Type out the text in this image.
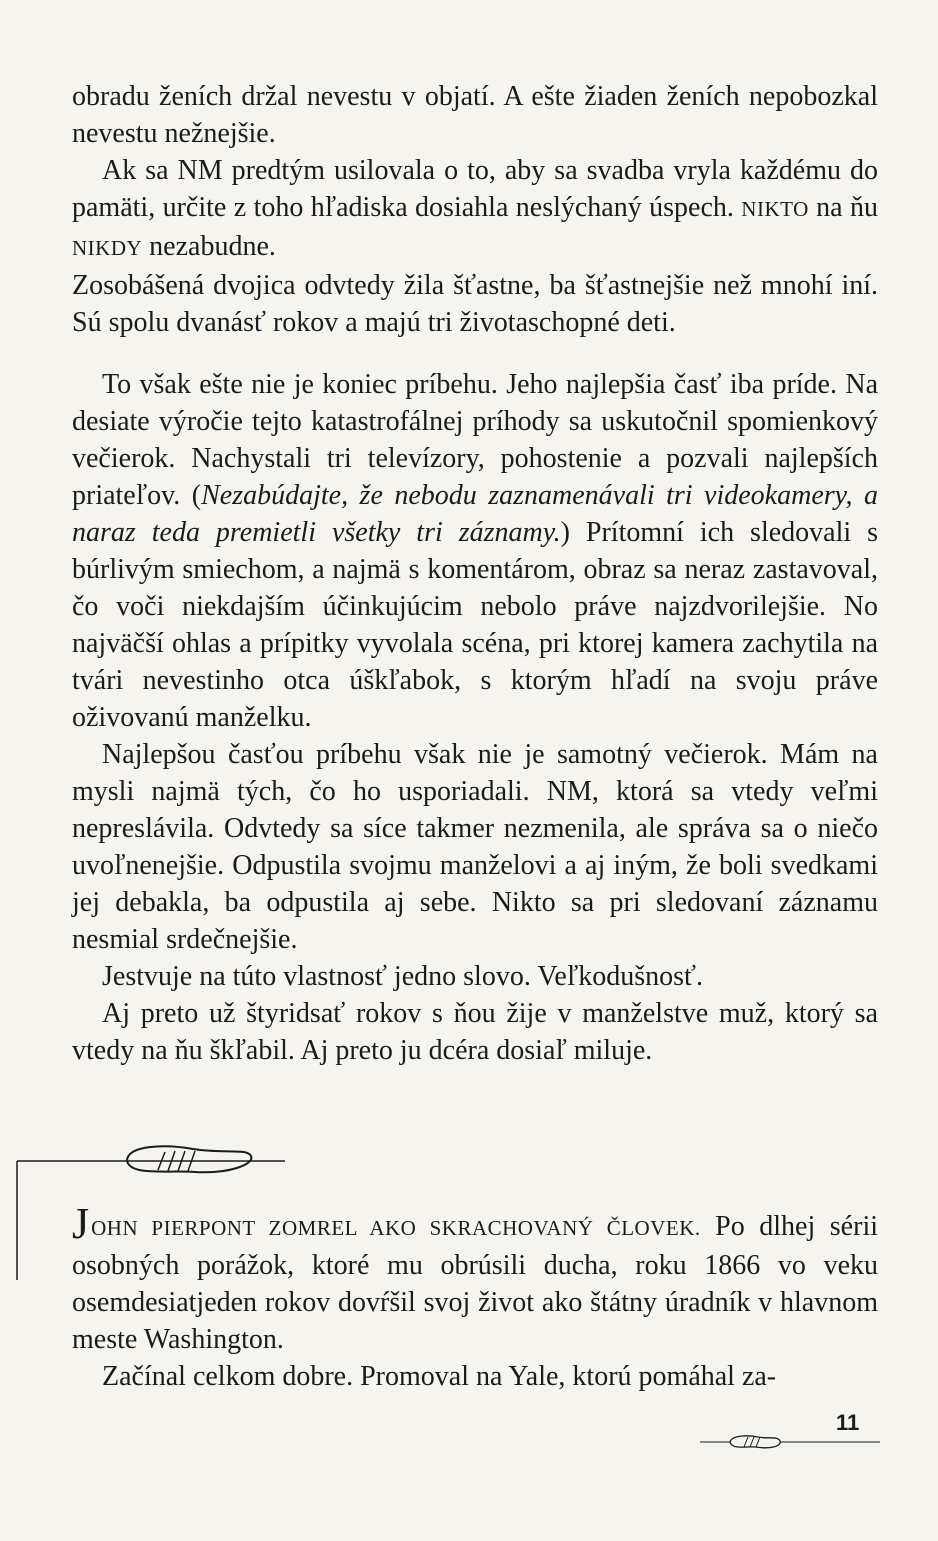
obradu ženích držal nevestu v objatí. A ešte žiaden ženích nepobozkal nevestu nežnejšie.

Ak sa NM predtým usilovala o to, aby sa svadba vryla každému do pamäti, určite z toho hľadiska dosiahla neslýchaný úspech. NIKTO na ňu NIKDY nezabudne.

Zosobášená dvojica odvtedy žila šťastne, ba šťastnejšie než mnohí iní. Sú spolu dvanásť rokov a majú tri životaschopné deti.

To však ešte nie je koniec príbehu. Jeho najlepšia časť iba príde. Na desiate výročie tejto katastrofálnej príhody sa uskutočnil spomienkový večierok. Nachystali tri televízory, pohostenie a pozvali najlepších priateľov. (Nezabúdajte, že nebodu zaznamenávali tri videokamery, a naraz teda premietli všetky tri záznamy.) Prítomní ich sledovali s búrlivým smiechom, a najmä s komentárom, obraz sa neraz zastavoval, čo voči niekdajším účinkujúcim nebolo práve najzdvorilejšie. No najväčší ohlas a prípitky vyvolala scéna, pri ktorej kamera zachytila na tvári nevestinho otca úškľabok, s ktorým hľadí na svoju práve oživovanú manželku.

Najlepšou časťou príbehu však nie je samotný večierok. Mám na mysli najmä tých, čo ho usporiadali. NM, ktorá sa vtedy veľmi nepreslávila. Odvtedy sa síce takmer nezmenila, ale správa sa o niečo uvoľnenejšie. Odpustila svojmu manželovi a aj iným, že boli svedkami jej debakla, ba odpustila aj sebe. Nikto sa pri sledovaní záznamu nesmial srdečnejšie.

Jestvuje na túto vlastnosť jedno slovo. Veľkodušnosť.

Aj preto už štyridsať rokov s ňou žije v manželstve muž, ktorý sa vtedy na ňu škľabil. Aj preto ju dcéra dosiaľ miluje.

JOHN PIERPONT ZOMREL AKO SKRACHOVANÝ ČLOVEK. Po dlhej sérii osobných porážok, ktoré mu obrúsili ducha, roku 1866 vo veku osemdesiatjeden rokov dovŕšil svoj život ako štátny úradník v hlavnom meste Washington.

Začínal celkom dobre. Promoval na Yale, ktorú pomáhal za-

11
